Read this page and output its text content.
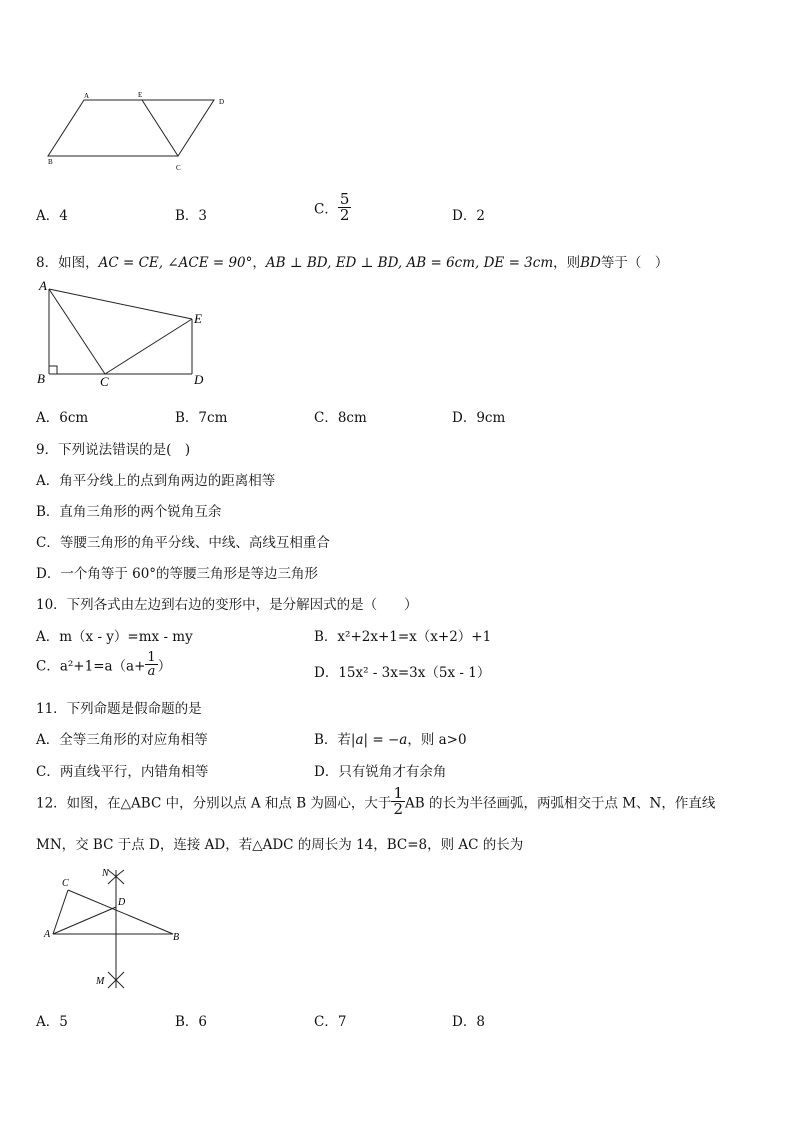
A	E
D
B
C
A．4	B．3	C． $\frac{5}{2}$	D．2
8．如图，AC = CE, ∠ACE = 90°，AB ⊥ BD, ED ⊥ BD, AB = 6cm, DE = 3cm，则BD等于（　）
A
E
B	C	D
A．6cm	B．7cm	C．8cm	D．9cm
9．下列说法错误的是(　)
A．角平分线上的点到角两边的距离相等
B．直角三角形的两个锐角互余
C．等腰三角形的角平分线、中线、高线互相重合
D．一个角等于 60°的等腰三角形是等边三角形
10．下列各式由左边到右边的变形中，是分解因式的是（　　）
A．m（x - y）=mx - my	B．x²+2x+1=x（x+2）+1
C．$a^2+1=a(a+ \frac{1}{a}$ ）	D．15x² - 3x=3x（5x - 1）
11．下列命题是假命题的是
A．全等三角形的对应角相等	B．若|a| = −a，则 a>0
C．两直线平行，内错角相等	D．只有锐角才有余角
12．如图，在△ABC 中，分别以点 A 和点 B 为圆心，大于 $\frac{1}{2}$ AB 的长为半径画弧，两弧相交于点 M、N，作直线
MN，交 BC 于点 D，连接 AD，若△ADC 的周长为 14，BC=8，则 AC 的长为
C
N
D
A	B
M
A．5	B．6	C．7	D．8
